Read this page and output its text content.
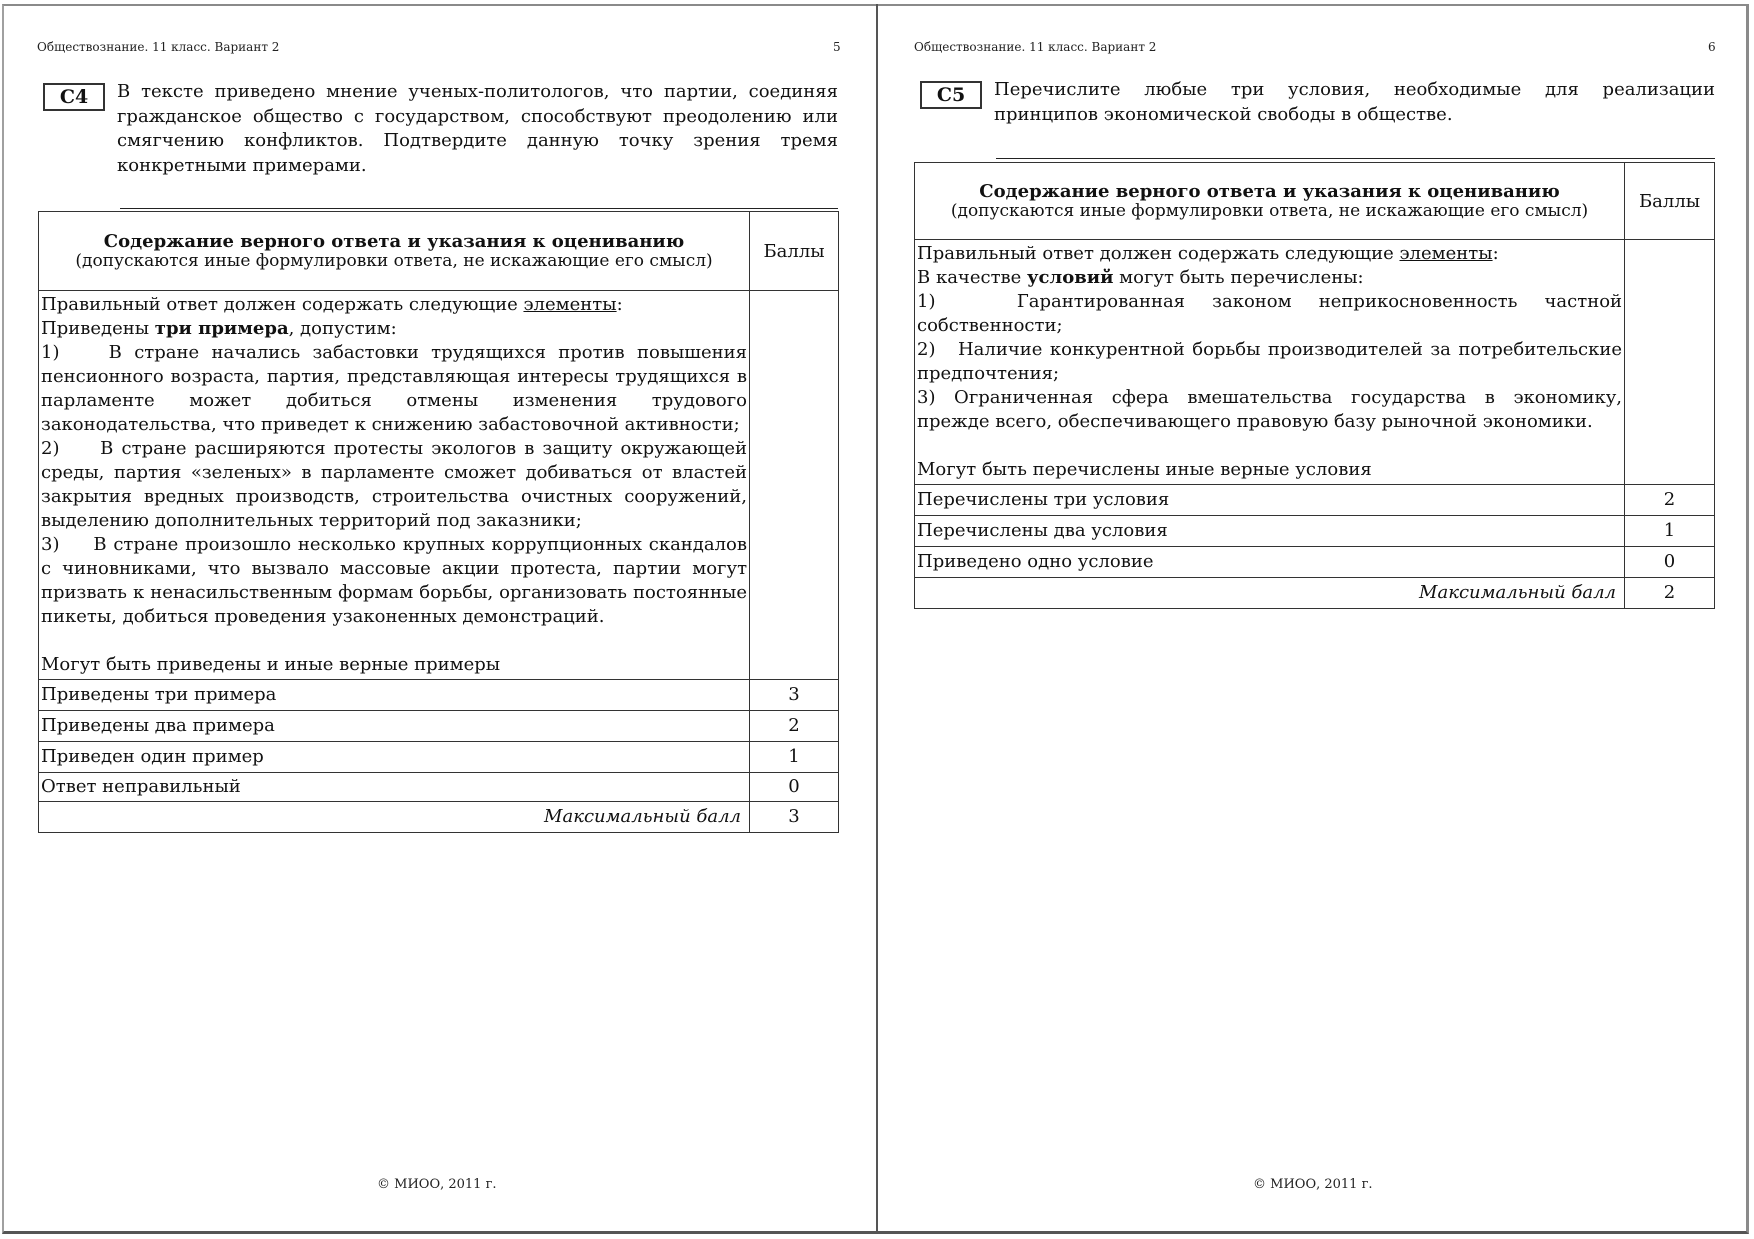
Обществознание. 11 класс. Вариант 2	5
С4	В тексте приведено мнение ученых-политологов, что партии, соединяя гражданское общество с государством, способствуют преодолению или смягчению конфликтов. Подтвердите данную точку зрения тремя конкретными примерами.
Содержание верного ответа и указания к оцениванию
(допускаются иные формулировки ответа, не искажающие его смысл)	Баллы

Правильный ответ должен содержать следующие элементы:

Приведены три примера, допустим:

1)    В стране начались забастовки трудящихся против повышения пенсионного возраста, партия, представляющая интересы трудящихся в парламенте может добиться отмены изменения трудового законодательства, что приведет к снижению забастовочной активности;

2)     В стране расширяются протесты экологов в защиту окружающей среды, партия «зеленых» в парламенте сможет добиваться от властей закрытия вредных производств, строительства очистных сооружений, выделению дополнительных территорий под заказники;

3)     В стране произошло несколько крупных коррупционных скандалов с чиновниками, что вызвало массовые акции протеста, партии могут призвать к ненасильственным формам борьбы, организовать постоянные пикеты, добиться проведения узаконенных демонстраций.

Могут быть приведены и иные верные примеры

Приведены три примера	3
Приведены два примера	2
Приведен один пример	1
Ответ неправильный	0
Максимальный балл	3
© МИОО, 2011 г.
Обществознание. 11 класс. Вариант 2	6
С5	Перечислите любые три условия, необходимые для реализации принципов экономической свободы в обществе.
Содержание верного ответа и указания к оцениванию
(допускаются иные формулировки ответа, не искажающие его смысл)	Баллы

Правильный ответ должен содержать следующие элементы:

В качестве условий могут быть перечислены:

1)   Гарантированная законом неприкосновенность частной собственности;

2)   Наличие конкурентной борьбы производителей за потребительские предпочтения;

3) Ограниченная сфера вмешательства государства в экономику, прежде всего, обеспечивающего правовую базу рыночной экономики.

Могут быть перечислены иные верные условия

Перечислены три условия	2
Перечислены два условия	1
Приведено одно условие	0
Максимальный балл	2
© МИОО, 2011 г.
